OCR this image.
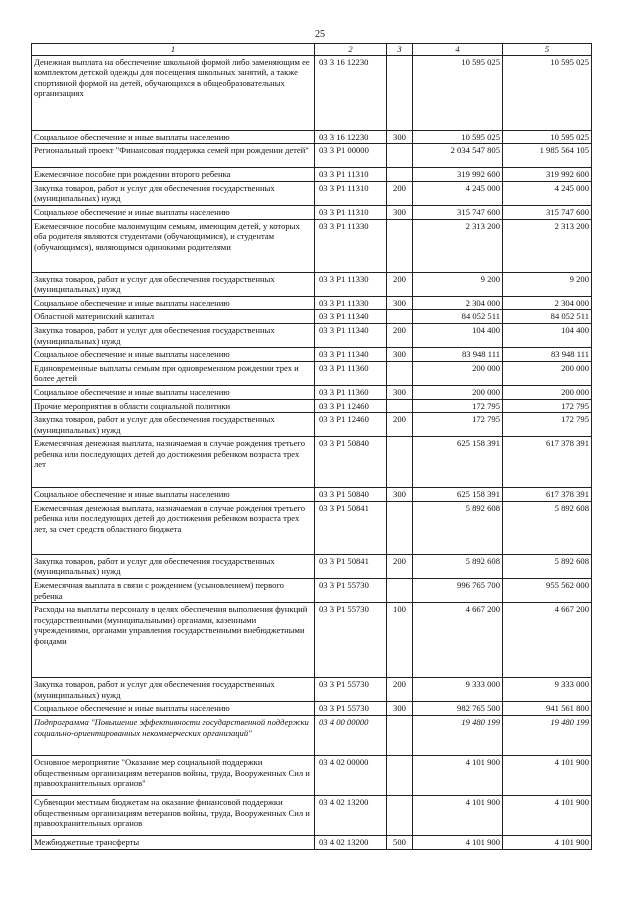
25
1	2	3	4	5
Денежная выплата на обеспечение школьной формой либо заменяющим ее комплектом детской одежды для посещения школьных занятий, а также спортивной формой на детей, обучающихся в общеобразовательных организациях	03 3 16 12230		10 595 025	10 595 025
Социальное обеспечение и иные выплаты населению	03 3 16 12230	300	10 595 025	10 595 025
Региональный проект "Финансовая поддержка семей при рождении детей"	03 3 P1 00000		2 034 547 805	1 985 564 105
Ежемесячное пособие при рождении второго ребенка	03 3 P1 11310		319 992 600	319 992 600
Закупка товаров, работ и услуг для обеспечения государственных (муниципальных) нужд	03 3 P1 11310	200	4 245 000	4 245 000
Социальное обеспечение и иные выплаты населению	03 3 P1 11310	300	315 747 600	315 747 600
Ежемесячное пособие малоимущим семьям, имеющим детей, у которых оба родителя являются студентами (обучающимися), и студентам (обучающимся), являющимся одинокими родителями	03 3 P1 11330		2 313 200	2 313 200
Закупка товаров, работ и услуг для обеспечения государственных (муниципальных) нужд	03 3 P1 11330	200	9 200	9 200
Социальное обеспечение и иные выплаты населению	03 3 P1 11330	300	2 304 000	2 304 000
Областной материнский капитал	03 3 P1 11340		84 052 511	84 052 511
Закупка товаров, работ и услуг для обеспечения государственных (муниципальных) нужд	03 3 P1 11340	200	104 400	104 400
Социальное обеспечение и иные выплаты населению	03 3 P1 11340	300	83 948 111	83 948 111
Единовременные выплаты семьям при одновременном рождении трех и более детей	03 3 P1 11360		200 000	200 000
Социальное обеспечение и иные выплаты населению	03 3 P1 11360	300	200 000	200 000
Прочие мероприятия в области социальной политики	03 3 P1 12460		172 795	172 795
Закупка товаров, работ и услуг для обеспечения государственных (муниципальных) нужд	03 3 P1 12460	200	172 795	172 795
Ежемесячная денежная выплата, назначаемая в случае рождения третьего ребенка или последующих детей до достижения ребенком возраста трех лет	03 3 P1 50840		625 158 391	617 378 391
Социальное обеспечение и иные выплаты населению	03 3 P1 50840	300	625 158 391	617 378 391
Ежемесячная денежная выплата, назначаемая в случае рождения третьего ребенка или последующих детей до достижения ребенком возраста трех лет, за счет средств областного бюджета	03 3 P1 50841		5 892 608	5 892 608
Закупка товаров, работ и услуг для обеспечения государственных (муниципальных) нужд	03 3 P1 50841	200	5 892 608	5 892 608
Ежемесячная выплата в связи с рождением (усыновлением) первого ребенка	03 3 P1 55730		996 765 700	955 562 000
Расходы на выплаты персоналу в целях обеспечения выполнения функций государственными (муниципальными) органами, казенными учреждениями, органами управления государственными внебюджетными фондами	03 3 P1 55730	100	4 667 200	4 667 200
Закупка товаров, работ и услуг для обеспечения государственных (муниципальных) нужд	03 3 P1 55730	200	9 333 000	9 333 000
Социальное обеспечение и иные выплаты населению	03 3 P1 55730	300	982 765 500	941 561 800
Подпрограмма "Повышение эффективности государственной поддержки социально-ориентированных некоммерческих организаций"	03 4 00 00000		19 480 199	19 480 199
Основное мероприятие "Оказание мер социальной поддержки общественным организациям ветеранов войны, труда, Вооруженных Сил и правоохранительных органов"	03 4 02 00000		4 101 900	4 101 900
Субвенции местным бюджетам на оказание финансовой поддержки общественным организациям ветеранов войны, труда, Вооруженных Сил и правоохранительных органов	03 4 02 13200		4 101 900	4 101 900
Межбюджетные трансферты	03 4 02 13200	500	4 101 900	4 101 900
